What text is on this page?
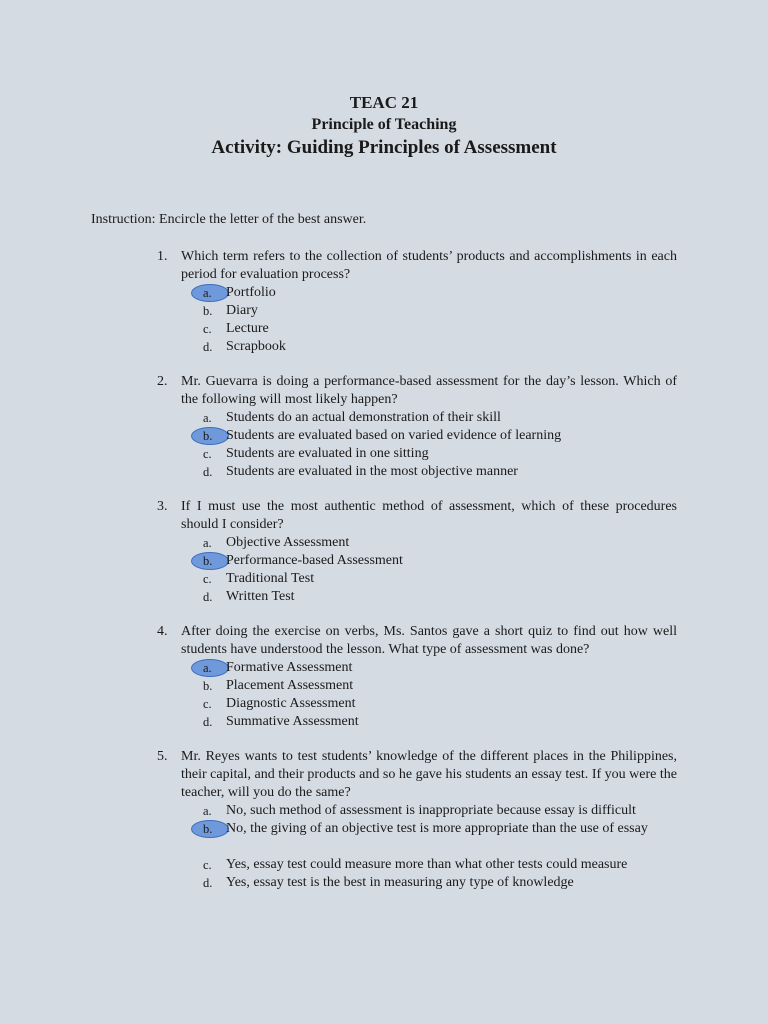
TEAC 21
Principle of Teaching
Activity: Guiding Principles of Assessment
Instruction: Encircle the letter of the best answer.
1. Which term refers to the collection of students’ products and accomplishments in each period for evaluation process?
a.	Portfolio
b. Diary
c.	Lecture
d. Scrapbook
2. Mr. Guevarra is doing a performance-based assessment for the day’s lesson. Which of the following will most likely happen?
a.	Students do an actual demonstration of their skill
b. Students are evaluated based on varied evidence of learning
c.	Students are evaluated in one sitting
d. Students are evaluated in the most objective manner
3. If I must use the most authentic method of assessment, which of these procedures should I consider?
a.	Objective Assessment
b. Performance-based Assessment
c.	Traditional Test
d. Written Test
4. After doing the exercise on verbs, Ms. Santos gave a short quiz to find out how well students have understood the lesson. What type of assessment was done?
a.	Formative Assessment
b. Placement Assessment
c.	Diagnostic Assessment
d. Summative Assessment
5. Mr. Reyes wants to test students’ knowledge of the different places in the Philippines, their capital, and their products and so he gave his students an essay test. If you were the teacher, will you do the same?
a.	No, such method of assessment is inappropriate because essay is difficult
b. No, the giving of an objective test is more appropriate than the use of essay
c.	Yes, essay test could measure more than what other tests could measure
d. Yes, essay test is the best in measuring any type of knowledge
